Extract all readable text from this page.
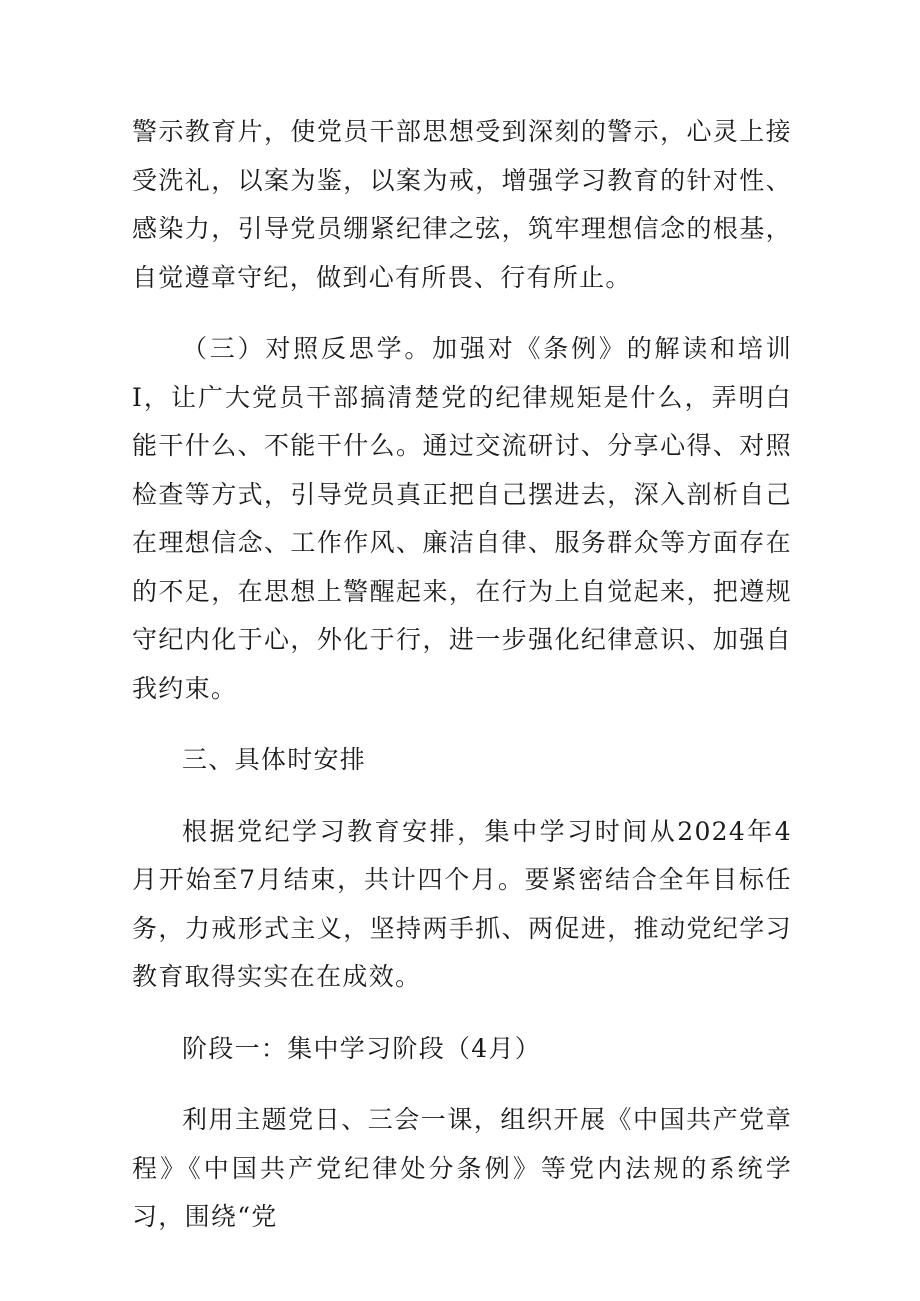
警示教育片，使党员干部思想受到深刻的警示，心灵上接受洗礼，以案为鉴，以案为戒，增强学习教育的针对性、感染力，引导党员绷紧纪律之弦，筑牢理想信念的根基，自觉遵章守纪，做到心有所畏、行有所止。

（三）对照反思学。加强对《条例》的解读和培训I，让广大党员干部搞清楚党的纪律规矩是什么，弄明白能干什么、不能干什么。通过交流研讨、分享心得、对照检查等方式，引导党员真正把自己摆进去，深入剖析自己在理想信念、工作作风、廉洁自律、服务群众等方面存在的不足，在思想上警醒起来，在行为上自觉起来，把遵规守纪内化于心，外化于行，进一步强化纪律意识、加强自我约束。

三、具体时安排

根据党纪学习教育安排，集中学习时间从2024年4月开始至7月结束，共计四个月。要紧密结合全年目标任务，力戒形式主义，坚持两手抓、两促进，推动党纪学习教育取得实实在在成效。

阶段一：集中学习阶段（4月）

利用主题党日、三会一课，组织开展《中国共产党章程》《中国共产党纪律处分条例》等党内法规的系统学习，围绕“党
